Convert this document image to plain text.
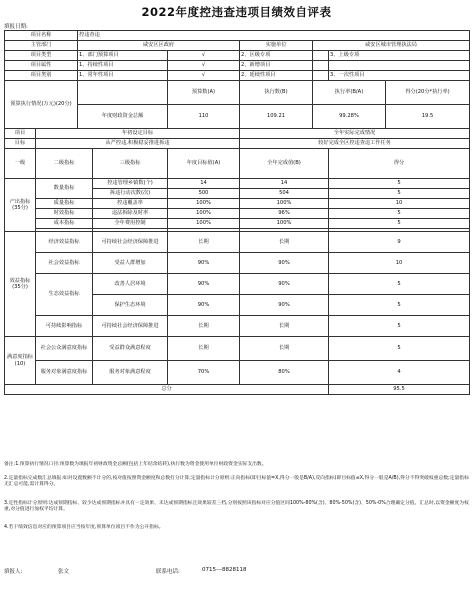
2022年度控违查违项目绩效自评表
填报日期:
项目名称		控违查违						
主管部门		咸安区区政府			实施单位	咸安区城市管理执法局		
项目类型		1、部门预算项目		√	2、区级专项		3、上级专项	
项目属性		1、持续性项目		√	2、新增项目			
项目类别		1、常年性项目		√	2、延续性项目		3、一次性项目	
预算执行情况(万元)(20分)				预算数(A)	执行数(B)	执行率(B/A)		得分(20分*执行率)
		年度财政资金总额		110	109.21	99.28%		19.5
项目	年初设定目标				全年实际完成情况			
目标	从严控违,积极稳妥推进拆违				较好完成全区控违查违工作任务			
一级	二级指标		三级指标	年度目标值(A)	全年完成值(B)		得分	
产出指标(35分)	数量指标		控违管理乡镇数(个)	14	14		5	
			拆违行动次数(次)	500	504		5	
	质量指标		控违覆盖率	100%	100%		10	
	时效指标		违法拆除及时率	100%	96%		5	
	成本指标		全年费用控制	100%	100%		5	

效益指标(35分)	经济效益指标		可持续社会经济保障推进	长期	长期		9	
	社会效益指标		受益人群增加	90%	90%		10	
	生态效益指标		改善人居环境	90%	90%		5	
			保护生态环境	90%	90%		5	
	可持续影响指标		可持续社会经济保障推进	长期	长期		5	
满意度指标(10)	社会公众满意度指标		受益群众满意程度	长期	长期		5	
	服务对象满意度指标		服务对象满意程度	70%	80%		4	
总分							95.5	
备注:1.预算执行情况口径:预算数为填报年初财政资金总额(包括上年结余结转),执行数为资金使用单位财政资金实际支出数。
2.定量指标完成数汇总填报:如对设置数额不计分的,按对值按照资金额度和总数打分计算;定量指标计分原则:正向指标(即目标值=X,得分一般是B/A),反向指标(即目标值≤X,得分一般是A/B),得分不得突破权重总数;定量指标无汇总可能,需计算得分。
3.定性指标计分原则:达成预期指标、较少达成预期指标并具有一定效果、未达成预期指标且效果较差三档,分别按照该指标对应分值区间100%-80%(含)、80%-50%(含)、50%-0%合理确定分值。汇总时,以资金额度为权重,对分值进行加权平均计算。
4.若干绩效信息对应的预算项目应当按年度,预算单位项目不作为公开指标。
填报人:	张文	联系电话:	0715---8828118
